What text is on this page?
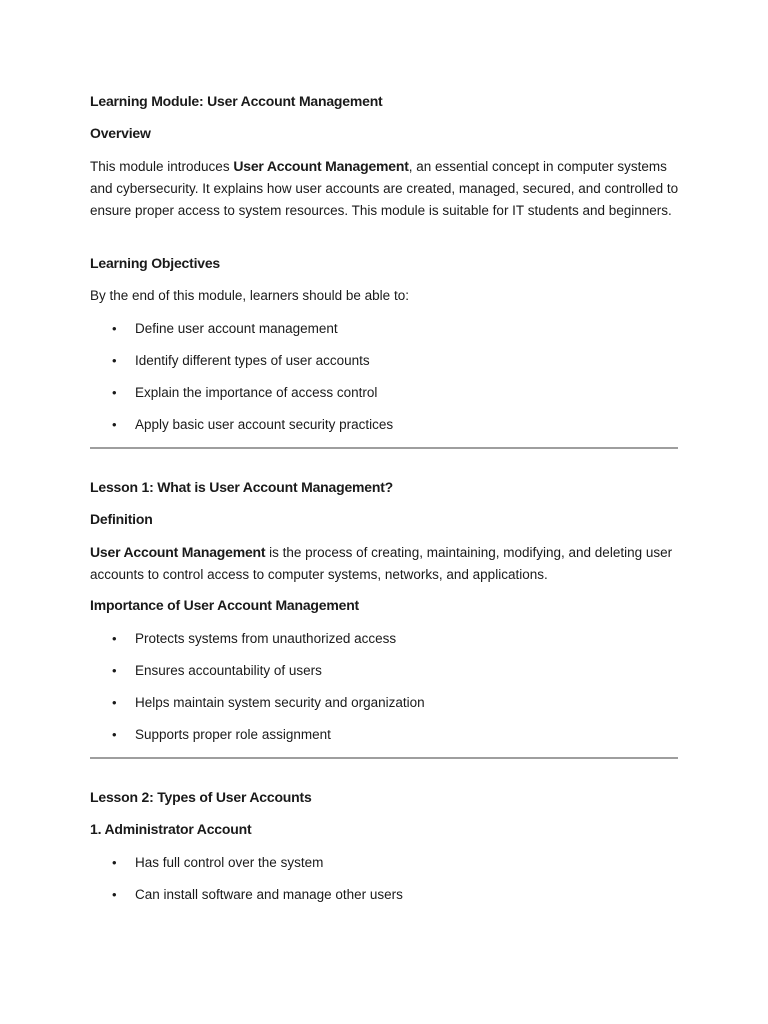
Learning Module: User Account Management
Overview
This module introduces User Account Management, an essential concept in computer systems and cybersecurity. It explains how user accounts are created, managed, secured, and controlled to ensure proper access to system resources. This module is suitable for IT students and beginners.
Learning Objectives
By the end of this module, learners should be able to:
• Define user account management
• Identify different types of user accounts
• Explain the importance of access control
• Apply basic user account security practices
Lesson 1: What is User Account Management?
Definition
User Account Management is the process of creating, maintaining, modifying, and deleting user accounts to control access to computer systems, networks, and applications.
Importance of User Account Management
• Protects systems from unauthorized access
• Ensures accountability of users
• Helps maintain system security and organization
• Supports proper role assignment
Lesson 2: Types of User Accounts
1. Administrator Account
• Has full control over the system
• Can install software and manage other users
